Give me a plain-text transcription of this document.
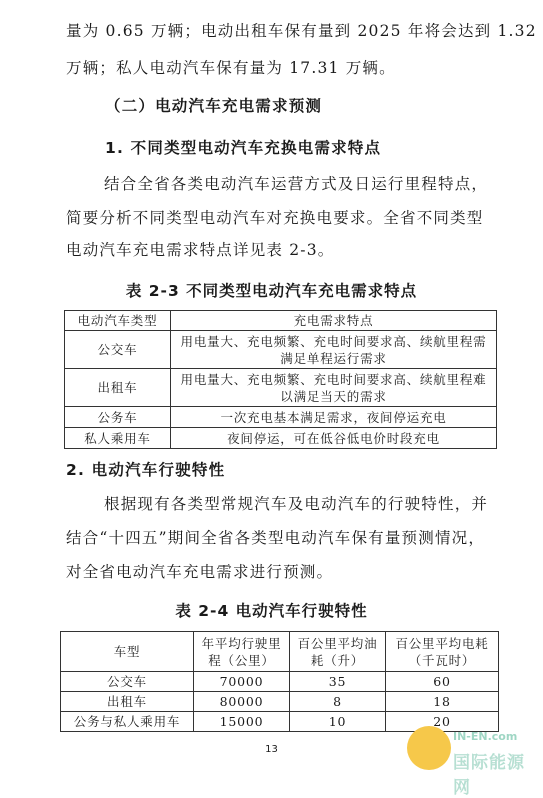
量为 0.65 万辆；电动出租车保有量到 2025 年将会达到 1.32
万辆；私人电动汽车保有量为 17.31 万辆。
（二）电动汽车充电需求预测
1. 不同类型电动汽车充换电需求特点
结合全省各类电动汽车运营方式及日运行里程特点，
简要分析不同类型电动汽车对充换电要求。全省不同类型
电动汽车充电需求特点详见表 2-3。
表 2-3 不同类型电动汽车充电需求特点
电动汽车类型	充电需求特点
公交车	用电量大、充电频繁、充电时间要求高、续航里程需满足单程运行需求
出租车	用电量大、充电频繁、充电时间要求高、续航里程难以满足当天的需求
公务车	一次充电基本满足需求，夜间停运充电
私人乘用车	夜间停运，可在低谷低电价时段充电
2. 电动汽车行驶特性
根据现有各类型常规汽车及电动汽车的行驶特性，并
结合“十四五”期间全省各类型电动汽车保有量预测情况，
对全省电动汽车充电需求进行预测。
表 2-4 电动汽车行驶特性
车型	年平均行驶里程（公里）	百公里平均油耗（升）	百公里平均电耗（千瓦时）
公交车	70000	35	60
出租车	80000	8	18
公务与私人乘用车	15000	10	20
13
IN-EN.com
国际能源网
